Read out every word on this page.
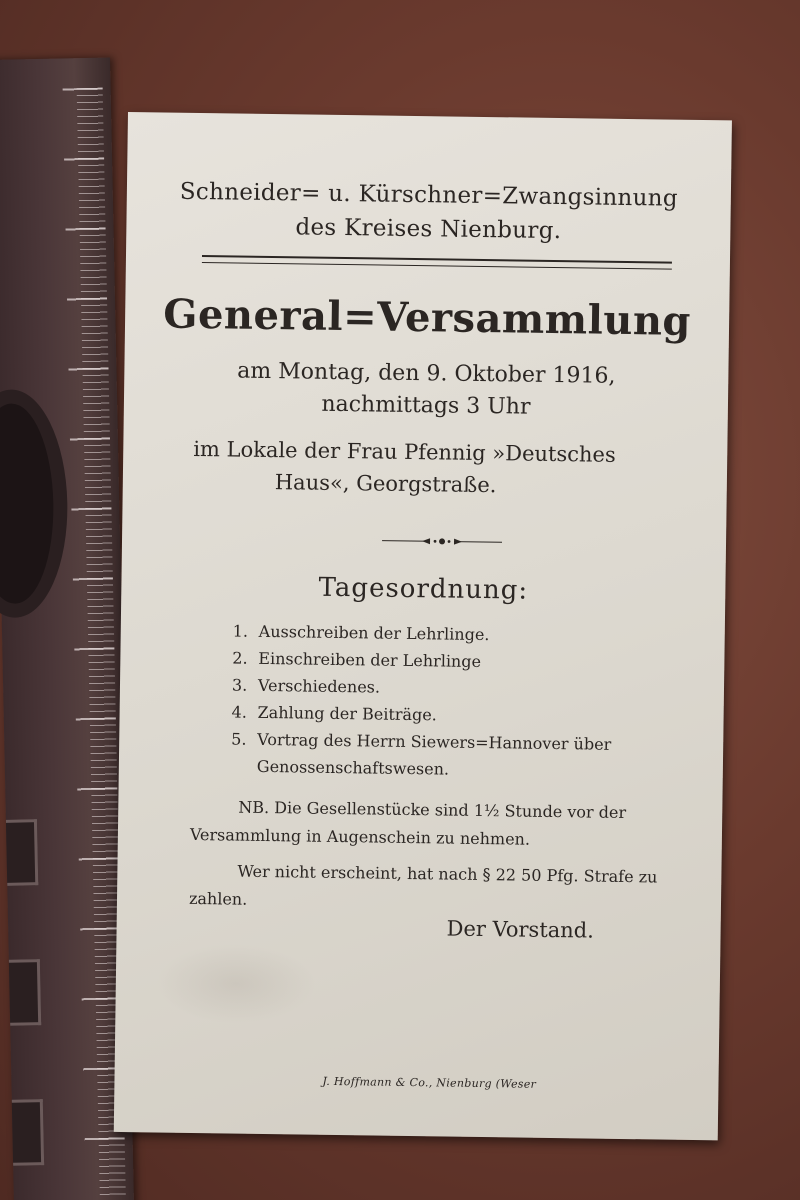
Schneider= u. Kürschner=Zwangsinnung
des Kreises Nienburg.
General=Versammlung
am Montag, den 9. Oktober 1916,
nachmittags 3 Uhr
im Lokale der Frau Pfennig »Deutsches
Haus«, Georgstraße.
Tagesordnung:
1. Ausschreiben der Lehrlinge.
2. Einschreiben der Lehrlinge
3. Verschiedenes.
4. Zahlung der Beiträge.
5. Vortrag des Herrn Siewers=Hannover über Genossenschaftswesen.

NB. Die Gesellenstücke sind 1½ Stunde vor der Versammlung in Augenschein zu nehmen.

Wer nicht erscheint, hat nach § 22 50 Pfg. Strafe zu zahlen.

Der Vorstand.
J. Hoffmann & Co., Nienburg (Weser
